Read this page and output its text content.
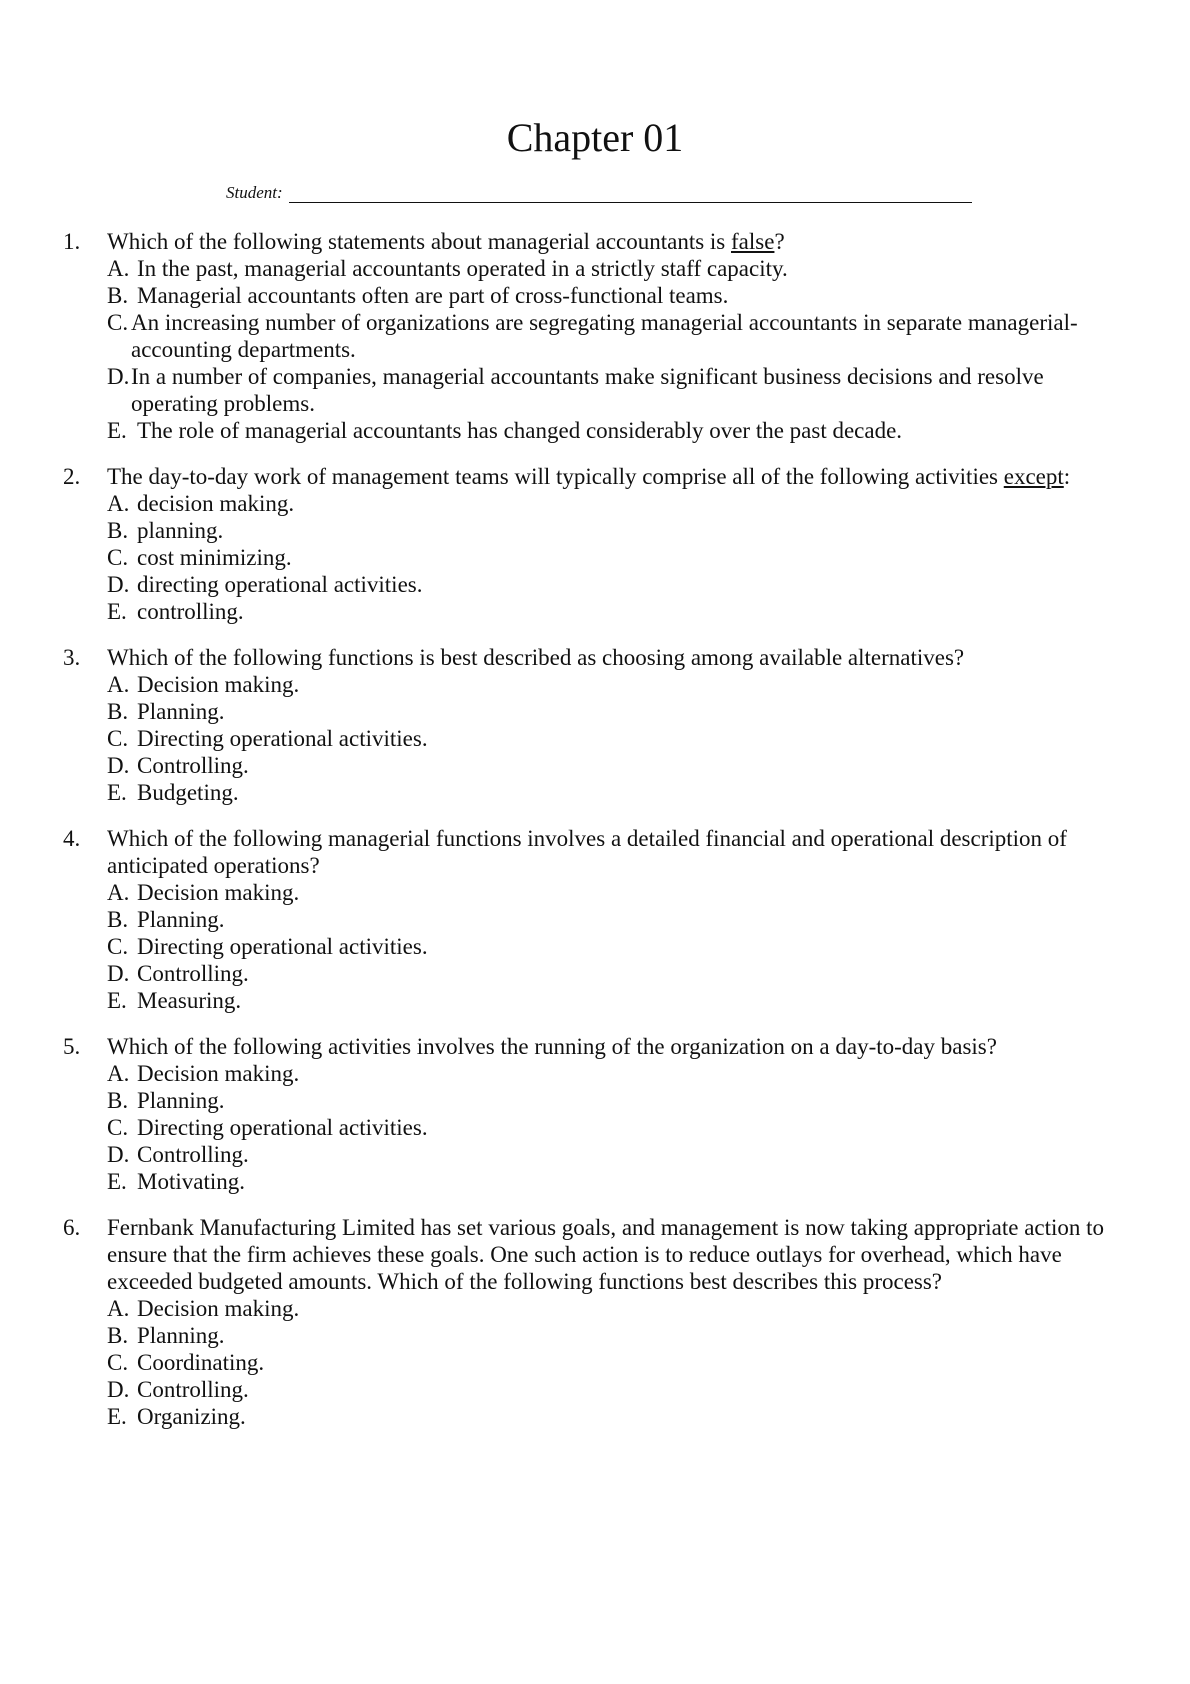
Chapter 01
Student:
1. Which of the following statements about managerial accountants is false?
A. In the past, managerial accountants operated in a strictly staff capacity.
B. Managerial accountants often are part of cross-functional teams.
C. An increasing number of organizations are segregating managerial accountants in separate managerial-accounting departments.
D. In a number of companies, managerial accountants make significant business decisions and resolve operating problems.
E. The role of managerial accountants has changed considerably over the past decade.
2. The day-to-day work of management teams will typically comprise all of the following activities except:
A. decision making.
B. planning.
C. cost minimizing.
D. directing operational activities.
E. controlling.
3. Which of the following functions is best described as choosing among available alternatives?
A. Decision making.
B. Planning.
C. Directing operational activities.
D. Controlling.
E. Budgeting.
4. Which of the following managerial functions involves a detailed financial and operational description of anticipated operations?
A. Decision making.
B. Planning.
C. Directing operational activities.
D. Controlling.
E. Measuring.
5. Which of the following activities involves the running of the organization on a day-to-day basis?
A. Decision making.
B. Planning.
C. Directing operational activities.
D. Controlling.
E. Motivating.
6. Fernbank Manufacturing Limited has set various goals, and management is now taking appropriate action to ensure that the firm achieves these goals. One such action is to reduce outlays for overhead, which have exceeded budgeted amounts. Which of the following functions best describes this process?
A. Decision making.
B. Planning.
C. Coordinating.
D. Controlling.
E. Organizing.
